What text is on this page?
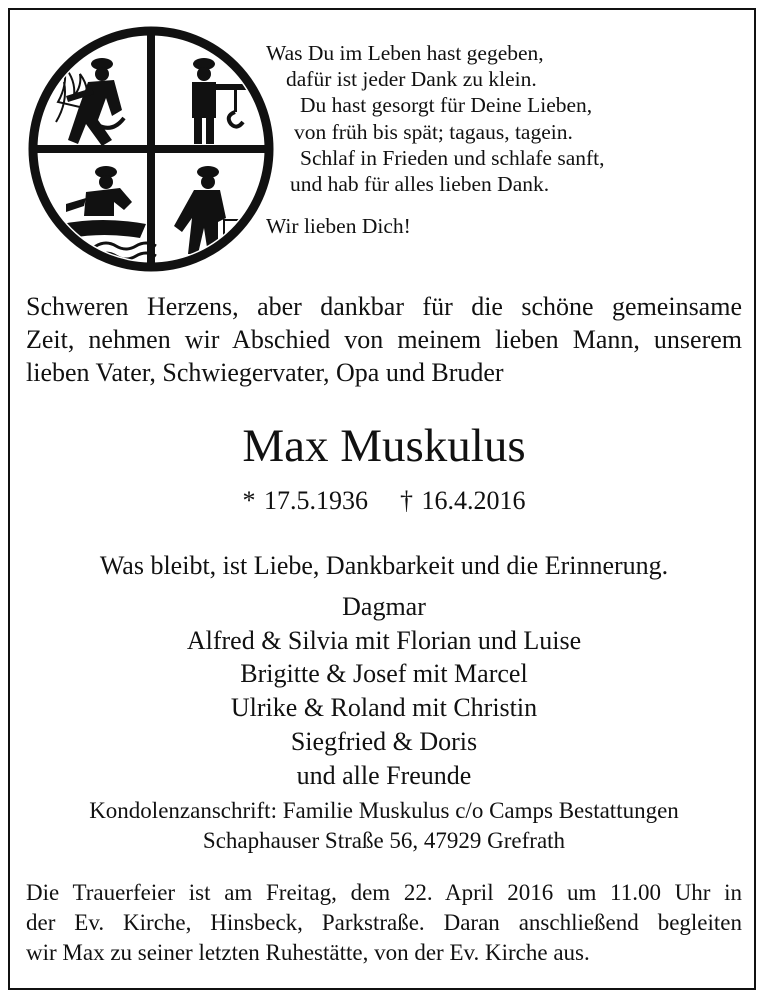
Was Du im Leben hast gegeben,
dafür ist jeder Dank zu klein.
Du hast gesorgt für Deine Lieben,
von früh bis spät; tagaus, tagein.
Schlaf in Frieden und schlafe sanft,
und hab für alles lieben Dank.
Wir lieben Dich!
Schweren Herzens, aber dankbar für die schöne gemeinsame
Zeit, nehmen wir Abschied von meinem lieben Mann, unserem
lieben Vater, Schwiegervater, Opa und Bruder
Max Muskulus
* 17.5.1936 † 16.4.2016
Was bleibt, ist Liebe, Dankbarkeit und die Erinnerung.
Dagmar
Alfred & Silvia mit Florian und Luise
Brigitte & Josef mit Marcel
Ulrike & Roland mit Christin
Siegfried & Doris
und alle Freunde
Kondolenzanschrift: Familie Muskulus c/o Camps Bestattungen
Schaphauser Straße 56, 47929 Grefrath
Die Trauerfeier ist am Freitag, dem 22. April 2016 um 11.00 Uhr in
der Ev. Kirche, Hinsbeck, Parkstraße. Daran anschließend begleiten
wir Max zu seiner letzten Ruhestätte, von der Ev. Kirche aus.
